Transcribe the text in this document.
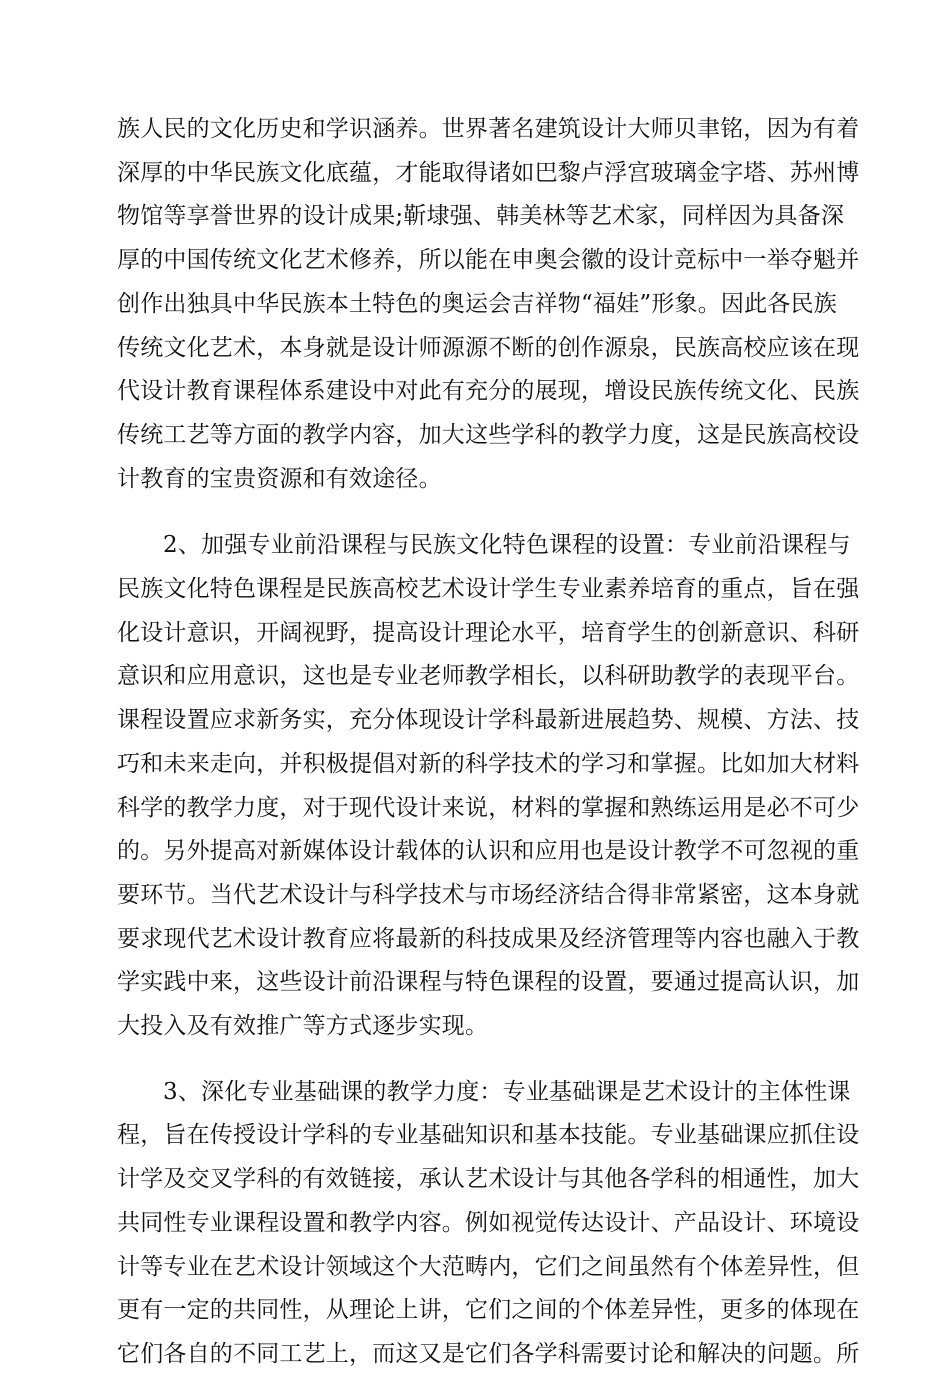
族人民的文化历史和学识涵养。世界著名建筑设计大师贝聿铭，因为有着
深厚的中华民族文化底蕴，才能取得诸如巴黎卢浮宫玻璃金字塔、苏州博
物馆等享誉世界的设计成果;靳埭强、韩美林等艺术家，同样因为具备深
厚的中国传统文化艺术修养，所以能在申奥会徽的设计竞标中一举夺魁并
创作出独具中华民族本土特色的奥运会吉祥物“福娃”形象。因此各民族
传统文化艺术，本身就是设计师源源不断的创作源泉，民族高校应该在现
代设计教育课程体系建设中对此有充分的展现，增设民族传统文化、民族
传统工艺等方面的教学内容，加大这些学科的教学力度，这是民族高校设
计教育的宝贵资源和有效途径。

2、加强专业前沿课程与民族文化特色课程的设置：专业前沿课程与
民族文化特色课程是民族高校艺术设计学生专业素养培育的重点，旨在强
化设计意识，开阔视野，提高设计理论水平，培育学生的创新意识、科研
意识和应用意识，这也是专业老师教学相长，以科研助教学的表现平台。
课程设置应求新务实，充分体现设计学科最新进展趋势、规模、方法、技
巧和未来走向，并积极提倡对新的科学技术的学习和掌握。比如加大材料
科学的教学力度，对于现代设计来说，材料的掌握和熟练运用是必不可少
的。另外提高对新媒体设计载体的认识和应用也是设计教学不可忽视的重
要环节。当代艺术设计与科学技术与市场经济结合得非常紧密，这本身就
要求现代艺术设计教育应将最新的科技成果及经济管理等内容也融入于教
学实践中来，这些设计前沿课程与特色课程的设置，要通过提高认识，加
大投入及有效推广等方式逐步实现。

3、深化专业基础课的教学力度：专业基础课是艺术设计的主体性课
程，旨在传授设计学科的专业基础知识和基本技能。专业基础课应抓住设
计学及交叉学科的有效链接，承认艺术设计与其他各学科的相通性，加大
共同性专业课程设置和教学内容。例如视觉传达设计、产品设计、环境设
计等专业在艺术设计领域这个大范畴内，它们之间虽然有个体差异性，但
更有一定的共同性，从理论上讲，它们之间的个体差异性，更多的体现在
它们各自的不同工艺上，而这又是它们各学科需要讨论和解决的问题。所
